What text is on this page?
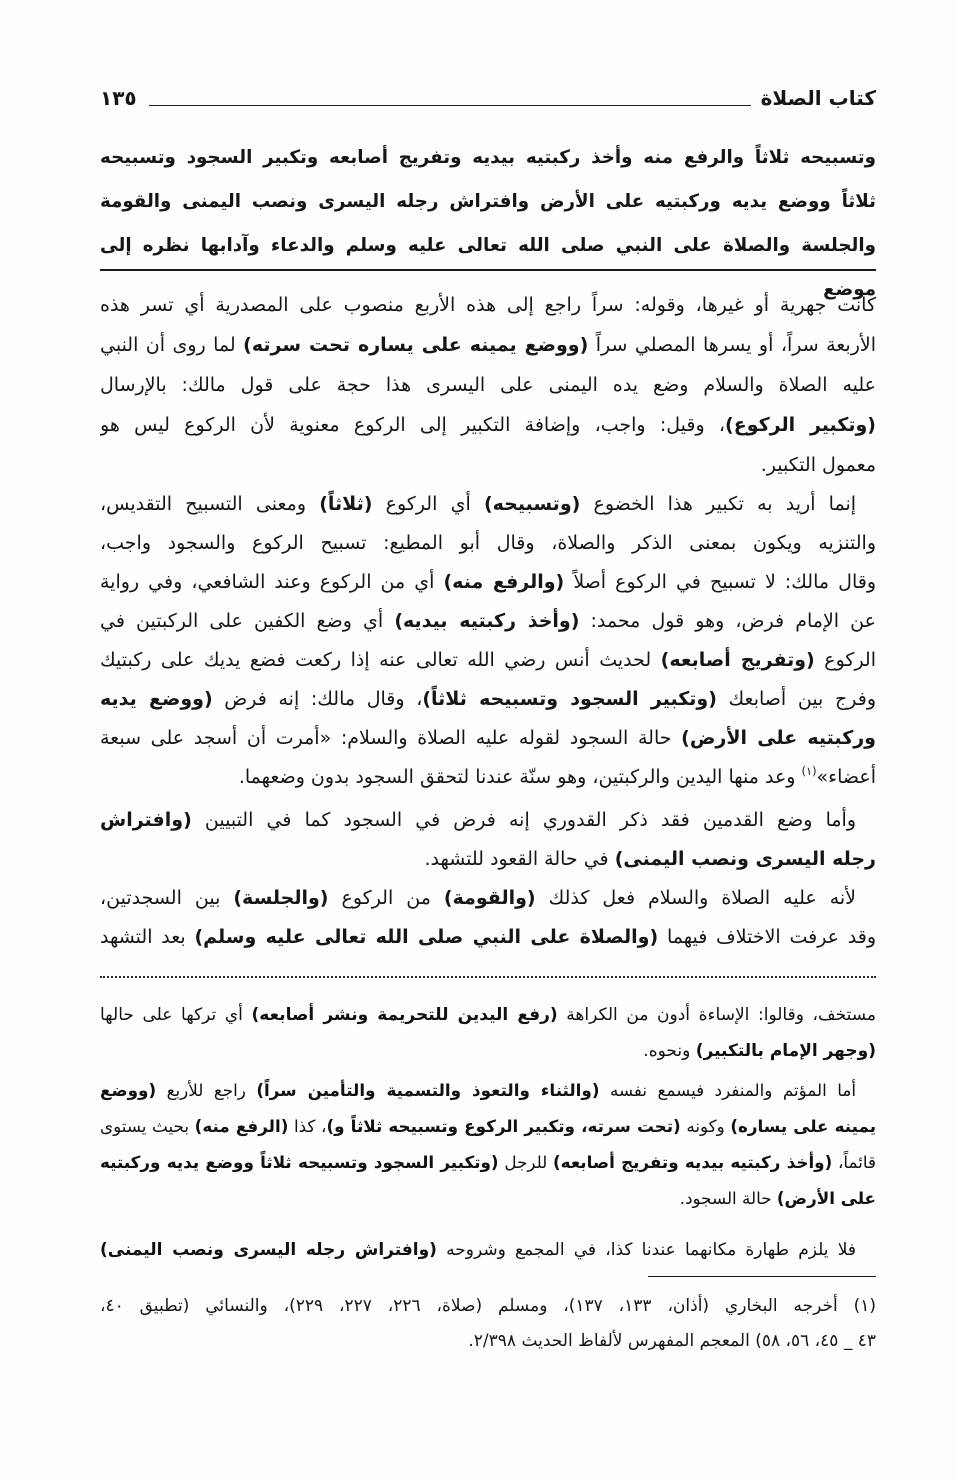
كتاب الصلاة
١٣٥
وتسبيحه ثلاثاً والرفع منه وأخذ ركبتيه بيديه وتفريج أصابعه وتكبير السجود وتسبيحه
ثلاثاً ووضع يديه وركبتيه على الأرض وافتراش رجله اليسرى ونصب اليمنى والقومة
والجلسة والصلاة على النبي صلى الله تعالى عليه وسلم والدعاء وآدابها نظره إلى موضع
كانت جهرية أو غيرها، وقوله: سراً راجع إلى هذه الأربع منصوب على المصدرية أي تسر هذه
الأربعة سراً، أو يسرها المصلي سراً (ووضع يمينه على يساره تحت سرته) لما روى أن النبي
عليه الصلاة والسلام وضع يده اليمنى على اليسرى هذا حجة على قول مالك: بالإرسال
(وتكبير الركوع)، وقيل: واجب، وإضافة التكبير إلى الركوع معنوية لأن الركوع ليس هو
معمول التكبير.
إنما أريد به تكبير هذا الخضوع (وتسبيحه) أي الركوع (ثلاثاً) ومعنى التسبيح التقديس،
والتنزيه ويكون بمعنى الذكر والصلاة، وقال أبو المطيع: تسبيح الركوع والسجود واجب،
وقال مالك: لا تسبيح في الركوع أصلاً (والرفع منه) أي من الركوع وعند الشافعي، وفي رواية
عن الإمام فرض، وهو قول محمد: (وأخذ ركبتيه بيديه) أي وضع الكفين على الركبتين في
الركوع (وتفريج أصابعه) لحديث أنس رضي الله تعالى عنه إذا ركعت فضع يديك على ركبتيك
وفرج بين أصابعك (وتكبير السجود وتسبيحه ثلاثاً)، وقال مالك: إنه فرض (ووضع يديه
وركبتيه على الأرض) حالة السجود لقوله عليه الصلاة والسلام: «أمرت أن أسجد على سبعة
أعضاء»$^{(١)}$ وعد منها اليدين والركبتين، وهو سنّة عندنا لتحقق السجود بدون وضعهما.
وأما وضع القدمين فقد ذكر القدوري إنه فرض في السجود كما في التبيين (وافتراش
رجله اليسرى ونصب اليمنى) في حالة القعود للتشهد.
لأنه عليه الصلاة والسلام فعل كذلك (والقومة) من الركوع (والجلسة) بين السجدتين،
وقد عرفت الاختلاف فيهما (والصلاة على النبي صلى الله تعالى عليه وسلم) بعد التشهد
مستخف، وقالوا: الإساءة أدون من الكراهة (رفع اليدين للتحريمة ونشر أصابعه) أي تركها على حالها
(وجهر الإمام بالتكبير) ونحوه.
أما المؤتم والمنفرد فيسمع نفسه (والثناء والتعوذ والتسمية والتأمين سراً) راجع للأربع (ووضع
يمينه على يساره) وكونه (تحت سرته، وتكبير الركوع وتسبيحه ثلاثاً و)، كذا (الرفع منه) بحيث يستوى
قائماً، (وأخذ ركبتيه بيديه وتفريج أصابعه) للرجل (وتكبير السجود وتسبيحه ثلاثاً ووضع يديه وركبتيه
على الأرض) حالة السجود.
فلا يلزم طهارة مكانهما عندنا كذا، في المجمع وشروحه (وافتراش رجله اليسرى ونصب اليمنى)
(١) أخرجه البخاري (أذان، ١٣٣، ١٣٧)، ومسلم (صلاة، ٢٢٦، ٢٢٧، ٢٢٩)، والنسائي (تطبيق ٤٠،
٤٣ _ ٤٥، ٥٦، ٥٨) المعجم المفهرس لألفاظ الحديث ٢/٣٩٨.
